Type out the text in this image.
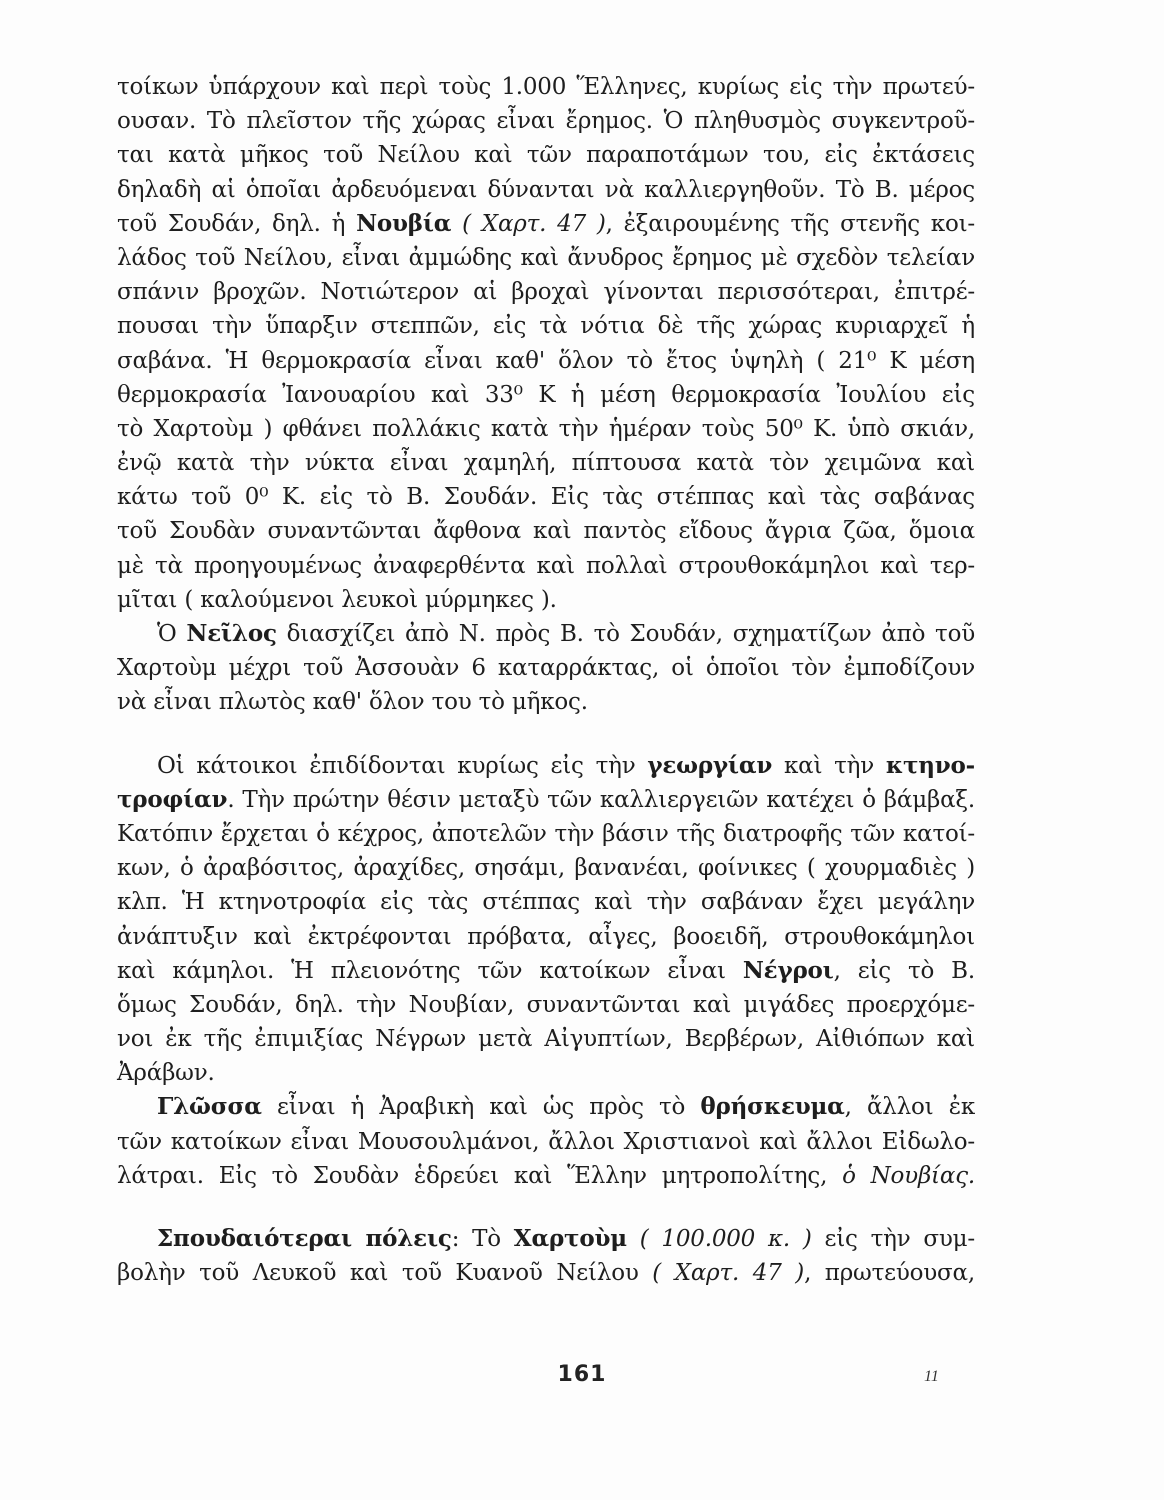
τοίκων ὑπάρχουν καὶ περὶ τοὺς 1.000 Ἕλληνες, κυρίως εἰς τὴν πρωτεύ-
ουσαν. Τὸ πλεῖστον τῆς χώρας εἶναι ἔρημος. Ὁ πληθυσμὸς συγκεντροῦ-
ται κατὰ μῆκος τοῦ Νείλου καὶ τῶν παραποτάμων του, εἰς ἐκτάσεις
δηλαδὴ αἱ ὁποῖαι ἀρδευόμεναι δύνανται νὰ καλλιεργηθοῦν. Τὸ Β. μέρος
τοῦ Σουδάν, δηλ. ἡ Νουβία ( Χαρτ. 47 ), ἐξαιρουμένης τῆς στενῆς κοι-
λάδος τοῦ Νείλου, εἶναι ἀμμώδης καὶ ἄνυδρος ἔρημος μὲ σχεδὸν τελείαν
σπάνιν βροχῶν. Νοτιώτερον αἱ βροχαὶ γίνονται περισσότεραι, ἐπιτρέ-
πουσαι τὴν ὕπαρξιν στεππῶν, εἰς τὰ νότια δὲ τῆς χώρας κυριαρχεῖ ἡ
σαβάνα. Ἡ θερμοκρασία εἶναι καθ' ὅλον τὸ ἔτος ὑψηλὴ ( 21⁰ Κ μέση
θερμοκρασία Ἰανουαρίου καὶ 33⁰ Κ ἡ μέση θερμοκρασία Ἰουλίου εἰς
τὸ Χαρτοὺμ ) φθάνει πολλάκις κατὰ τὴν ἡμέραν τοὺς 50⁰ Κ. ὑπὸ σκιάν,
ἐνῷ κατὰ τὴν νύκτα εἶναι χαμηλή, πίπτουσα κατὰ τὸν χειμῶνα καὶ
κάτω τοῦ 0⁰ Κ. εἰς τὸ Β. Σουδάν. Εἰς τὰς στέππας καὶ τὰς σαβάνας
τοῦ Σουδὰν συναντῶνται ἄφθονα καὶ παντὸς εἴδους ἄγρια ζῶα, ὅμοια
μὲ τὰ προηγουμένως ἀναφερθέντα καὶ πολλαὶ στρουθοκάμηλοι καὶ τερ-
μῖται ( καλούμενοι λευκοὶ μύρμηκες ).
Ὁ Νεῖλος διασχίζει ἀπὸ Ν. πρὸς Β. τὸ Σουδάν, σχηματίζων ἀπὸ τοῦ
Χαρτοὺμ μέχρι τοῦ Ἀσσουὰν 6 καταρράκτας, οἱ ὁποῖοι τὸν ἐμποδίζουν
νὰ εἶναι πλωτὸς καθ' ὅλον του τὸ μῆκος.
Οἱ κάτοικοι ἐπιδίδονται κυρίως εἰς τὴν γεωργίαν καὶ τὴν κτηνο-
τροφίαν. Τὴν πρώτην θέσιν μεταξὺ τῶν καλλιεργειῶν κατέχει ὁ βάμβαξ.
Κατόπιν ἔρχεται ὁ κέχρος, ἀποτελῶν τὴν βάσιν τῆς διατροφῆς τῶν κατοί-
κων, ὁ ἀραβόσιτος, ἀραχίδες, σησάμι, βανανέαι, φοίνικες ( χουρμαδιὲς )
κλπ. Ἡ κτηνοτροφία εἰς τὰς στέππας καὶ τὴν σαβάναν ἔχει μεγάλην
ἀνάπτυξιν καὶ ἐκτρέφονται πρόβατα, αἶγες, βοοειδῆ, στρουθοκάμηλοι
καὶ κάμηλοι. Ἡ πλειονότης τῶν κατοίκων εἶναι Νέγροι, εἰς τὸ Β.
ὅμως Σουδάν, δηλ. τὴν Νουβίαν, συναντῶνται καὶ μιγάδες προερχόμε-
νοι ἐκ τῆς ἐπιμιξίας Νέγρων μετὰ Αἰγυπτίων, Βερβέρων, Αἰθιόπων καὶ
Ἀράβων.
Γλῶσσα εἶναι ἡ Ἀραβικὴ καὶ ὡς πρὸς τὸ θρήσκευμα, ἄλλοι ἐκ
τῶν κατοίκων εἶναι Μουσουλμάνοι, ἄλλοι Χριστιανοὶ καὶ ἄλλοι Εἰδωλο-
λάτραι. Εἰς τὸ Σουδὰν ἑδρεύει καὶ Ἕλλην μητροπολίτης, ὁ Νουβίας.
Σπουδαιότεραι πόλεις: Τὸ Χαρτοὺμ ( 100.000 κ. ) εἰς τὴν συμ-
βολὴν τοῦ Λευκοῦ καὶ τοῦ Κυανοῦ Νείλου ( Χαρτ. 47 ), πρωτεύουσα,
161	11
